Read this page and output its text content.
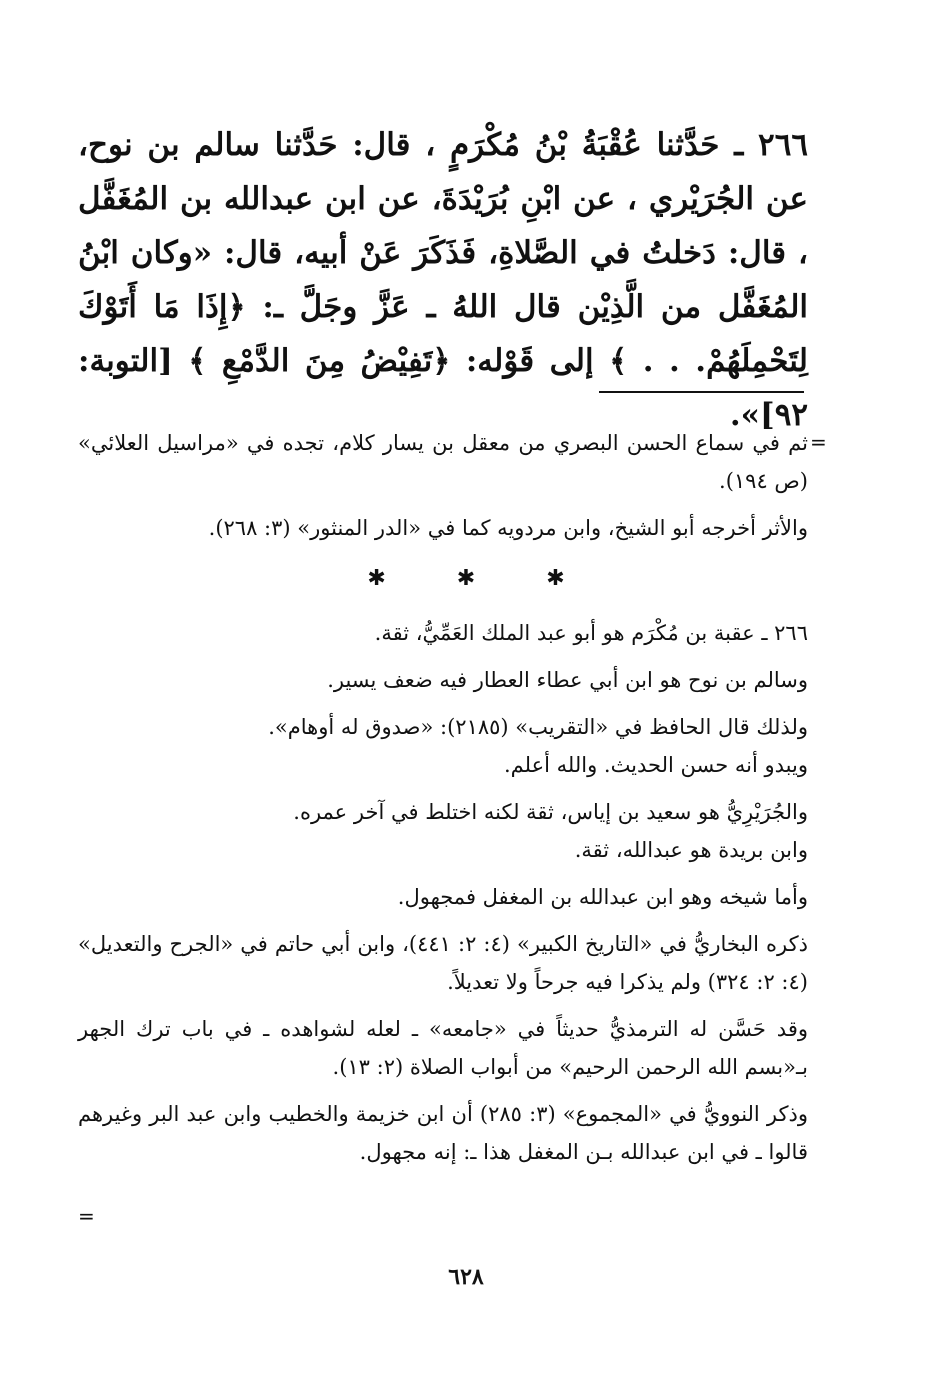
٢٦٦ ـ حَدَّثنا عُقْبَةُ بْنُ مُكْرَمٍ ، قال: حَدَّثنا سالم بن نوح، عن الجُرَيْري ، عن ابْنِ بُرَيْدَةَ، عن ابن عبدالله بن المُغَفَّل ، قال: دَخلتُ في الصَّلاةِ، فَذَكَرَ عَنْ أبيه، قال: «وكان ابْنُ المُغَفَّل من الَّذِيْن قال اللهُ ـ عَزَّ وجَلَّ ـ: ﴿إِذَا مَا أَتَوْكَ لِتَحْمِلَهُمْ. . . ﴾ إلى قَوْله: ﴿تَفِيْضُ مِنَ الدَّمْعِ ﴾ [التوبة: ٩٢]».

=

ثم في سماع الحسن البصري من معقل بن يسار كلام، تجده في «مراسيل العلائي» (ص ١٩٤).

والأثر أخرجه أبو الشيخ، وابن مردويه كما في «الدر المنثور» (٣: ٢٦٨).

٢٦٦ ـ عقبة بن مُكْرَم هو أبو عبد الملك العَمِّيُّ، ثقة.

وسالم بن نوح هو ابن أبي عطاء العطار فيه ضعف يسير.

ولذلك قال الحافظ في «التقريب» (٢١٨٥): «صدوق له أوهام».

ويبدو أنه حسن الحديث. والله أعلم.

والجُرَيْرِيُّ هو سعيد بن إياس، ثقة لكنه اختلط في آخر عمره.

وابن بريدة هو عبدالله، ثقة.

وأما شيخه وهو ابن عبدالله بن المغفل فمجهول.

ذكره البخاريُّ في «التاريخ الكبير» (٤: ٢: ٤٤١)، وابن أبي حاتم في «الجرح والتعديل» (٤: ٢: ٣٢٤) ولم يذكرا فيه جرحاً ولا تعديلاً.

وقد حَسَّن له الترمذيُّ حديثاً في «جامعه» ـ لعله لشواهده ـ في باب ترك الجهر بـ«بسم الله الرحمن الرحيم» من أبواب الصلاة (٢: ١٣).

وذكر النوويُّ في «المجموع» (٣: ٢٨٥) أن ابن خزيمة والخطيب وابن عبد البر وغيرهم قالوا ـ في ابن عبدالله بـن المغفل هذا ـ: إنه مجهول.

✱	✱	✱
=
٦٢٨
